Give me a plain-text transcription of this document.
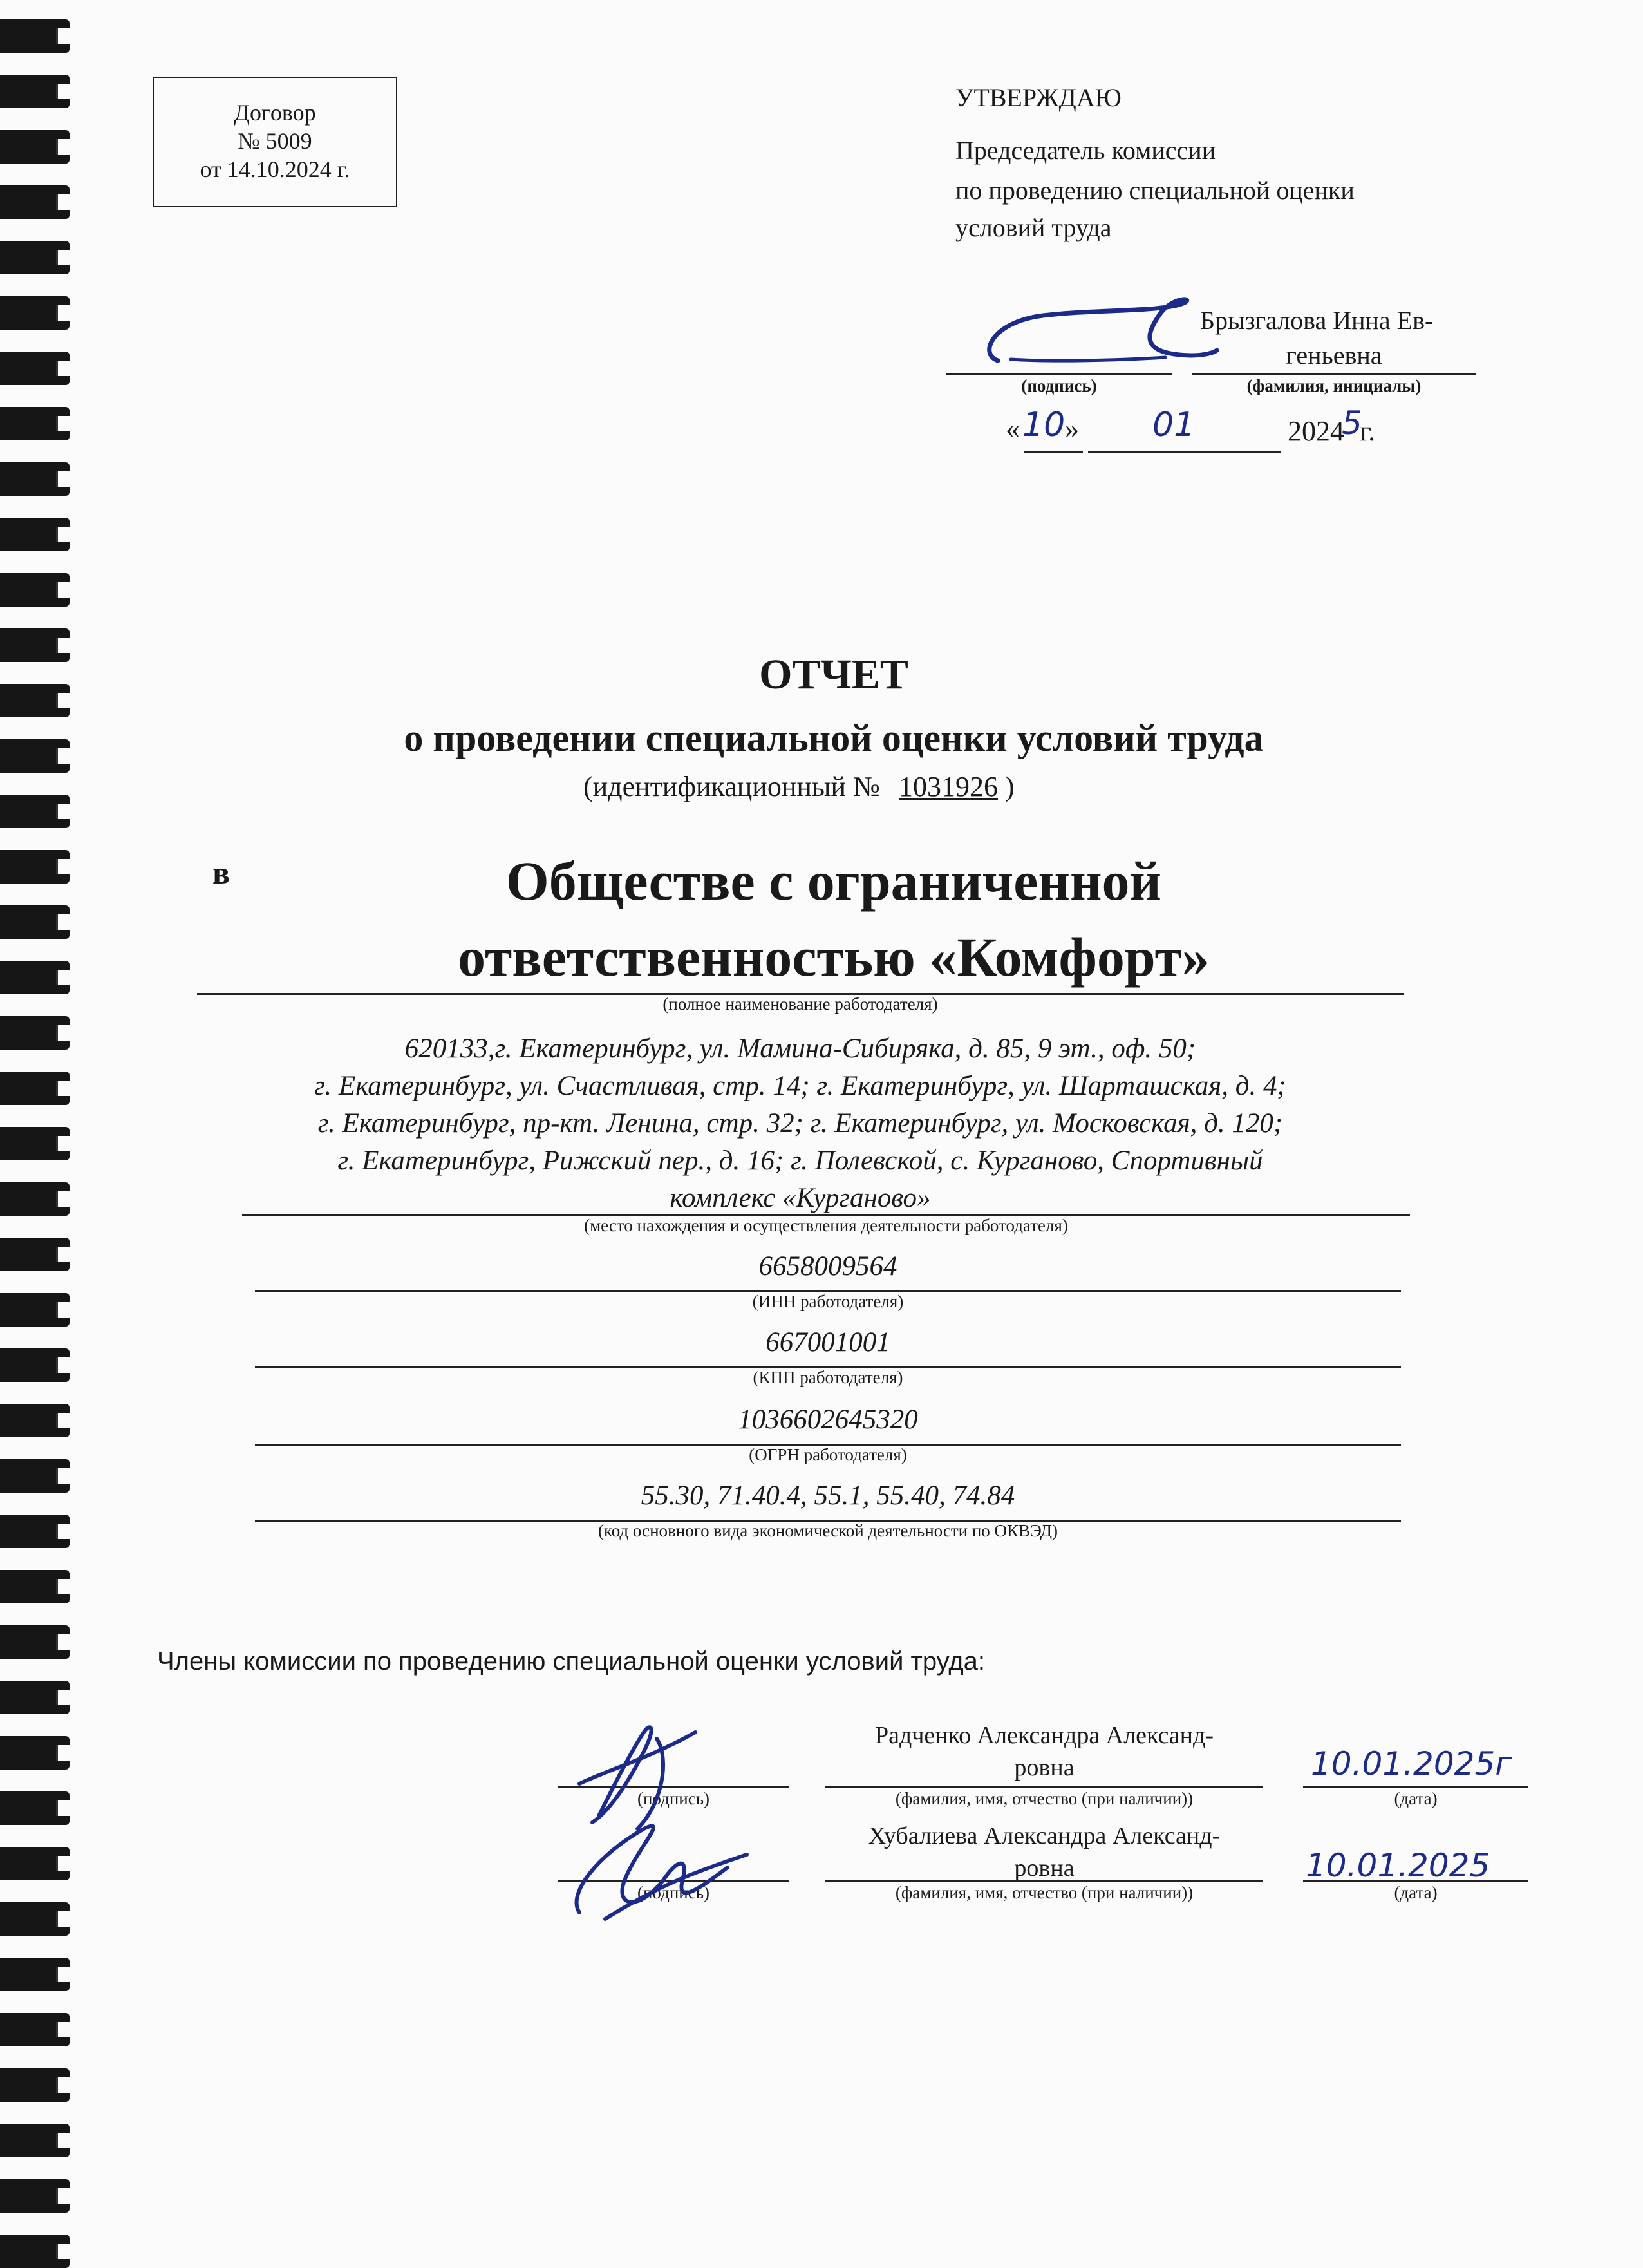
Договор
№ 5009
от 14.10.2024 г.
УТВЕРЖДАЮ
Председатель комиссии
по проведению специальной оценки
условий труда
Брызгалова Инна Ев-
геньевна
(подпись)	(фамилия, инициалы)
« 10 » 01	2024
5
г.
ОТЧЕТ
о проведении специальной оценки условий труда
(идентификационный № 1031926 )
в	Обществе с ограниченной
ответственностью «Комфорт»
(полное наименование работодателя)
620133,г. Екатеринбург, ул. Мамина-Сибиряка, д. 85, 9 эт., оф. 50;
г. Екатеринбург, ул. Счастливая, стр. 14; г. Екатеринбург, ул. Шарташская, д. 4;
г. Екатеринбург, пр-кт. Ленина, стр. 32; г. Екатеринбург, ул. Московская, д. 120;
г. Екатеринбург, Рижский пер., д. 16; г. Полевской, с. Курганово, Спортивный
комплекс «Курганово»
(место нахождения и осуществления деятельности работодателя)
6658009564
(ИНН работодателя)
667001001
(КПП работодателя)
1036602645320
(ОГРН работодателя)
55.30, 71.40.4, 55.1, 55.40, 74.84
(код основного вида экономической деятельности по ОКВЭД)
Члены комиссии по проведению специальной оценки условий труда:
Радченко Александра Александ-
ровна
(подпись)	(фамилия, имя, отчество (при наличии))	(дата)
10.01.2025г
Хубалиева Александра Александ-
ровна
(подпись)	(фамилия, имя, отчество (при наличии))	(дата)
10.01.2025
